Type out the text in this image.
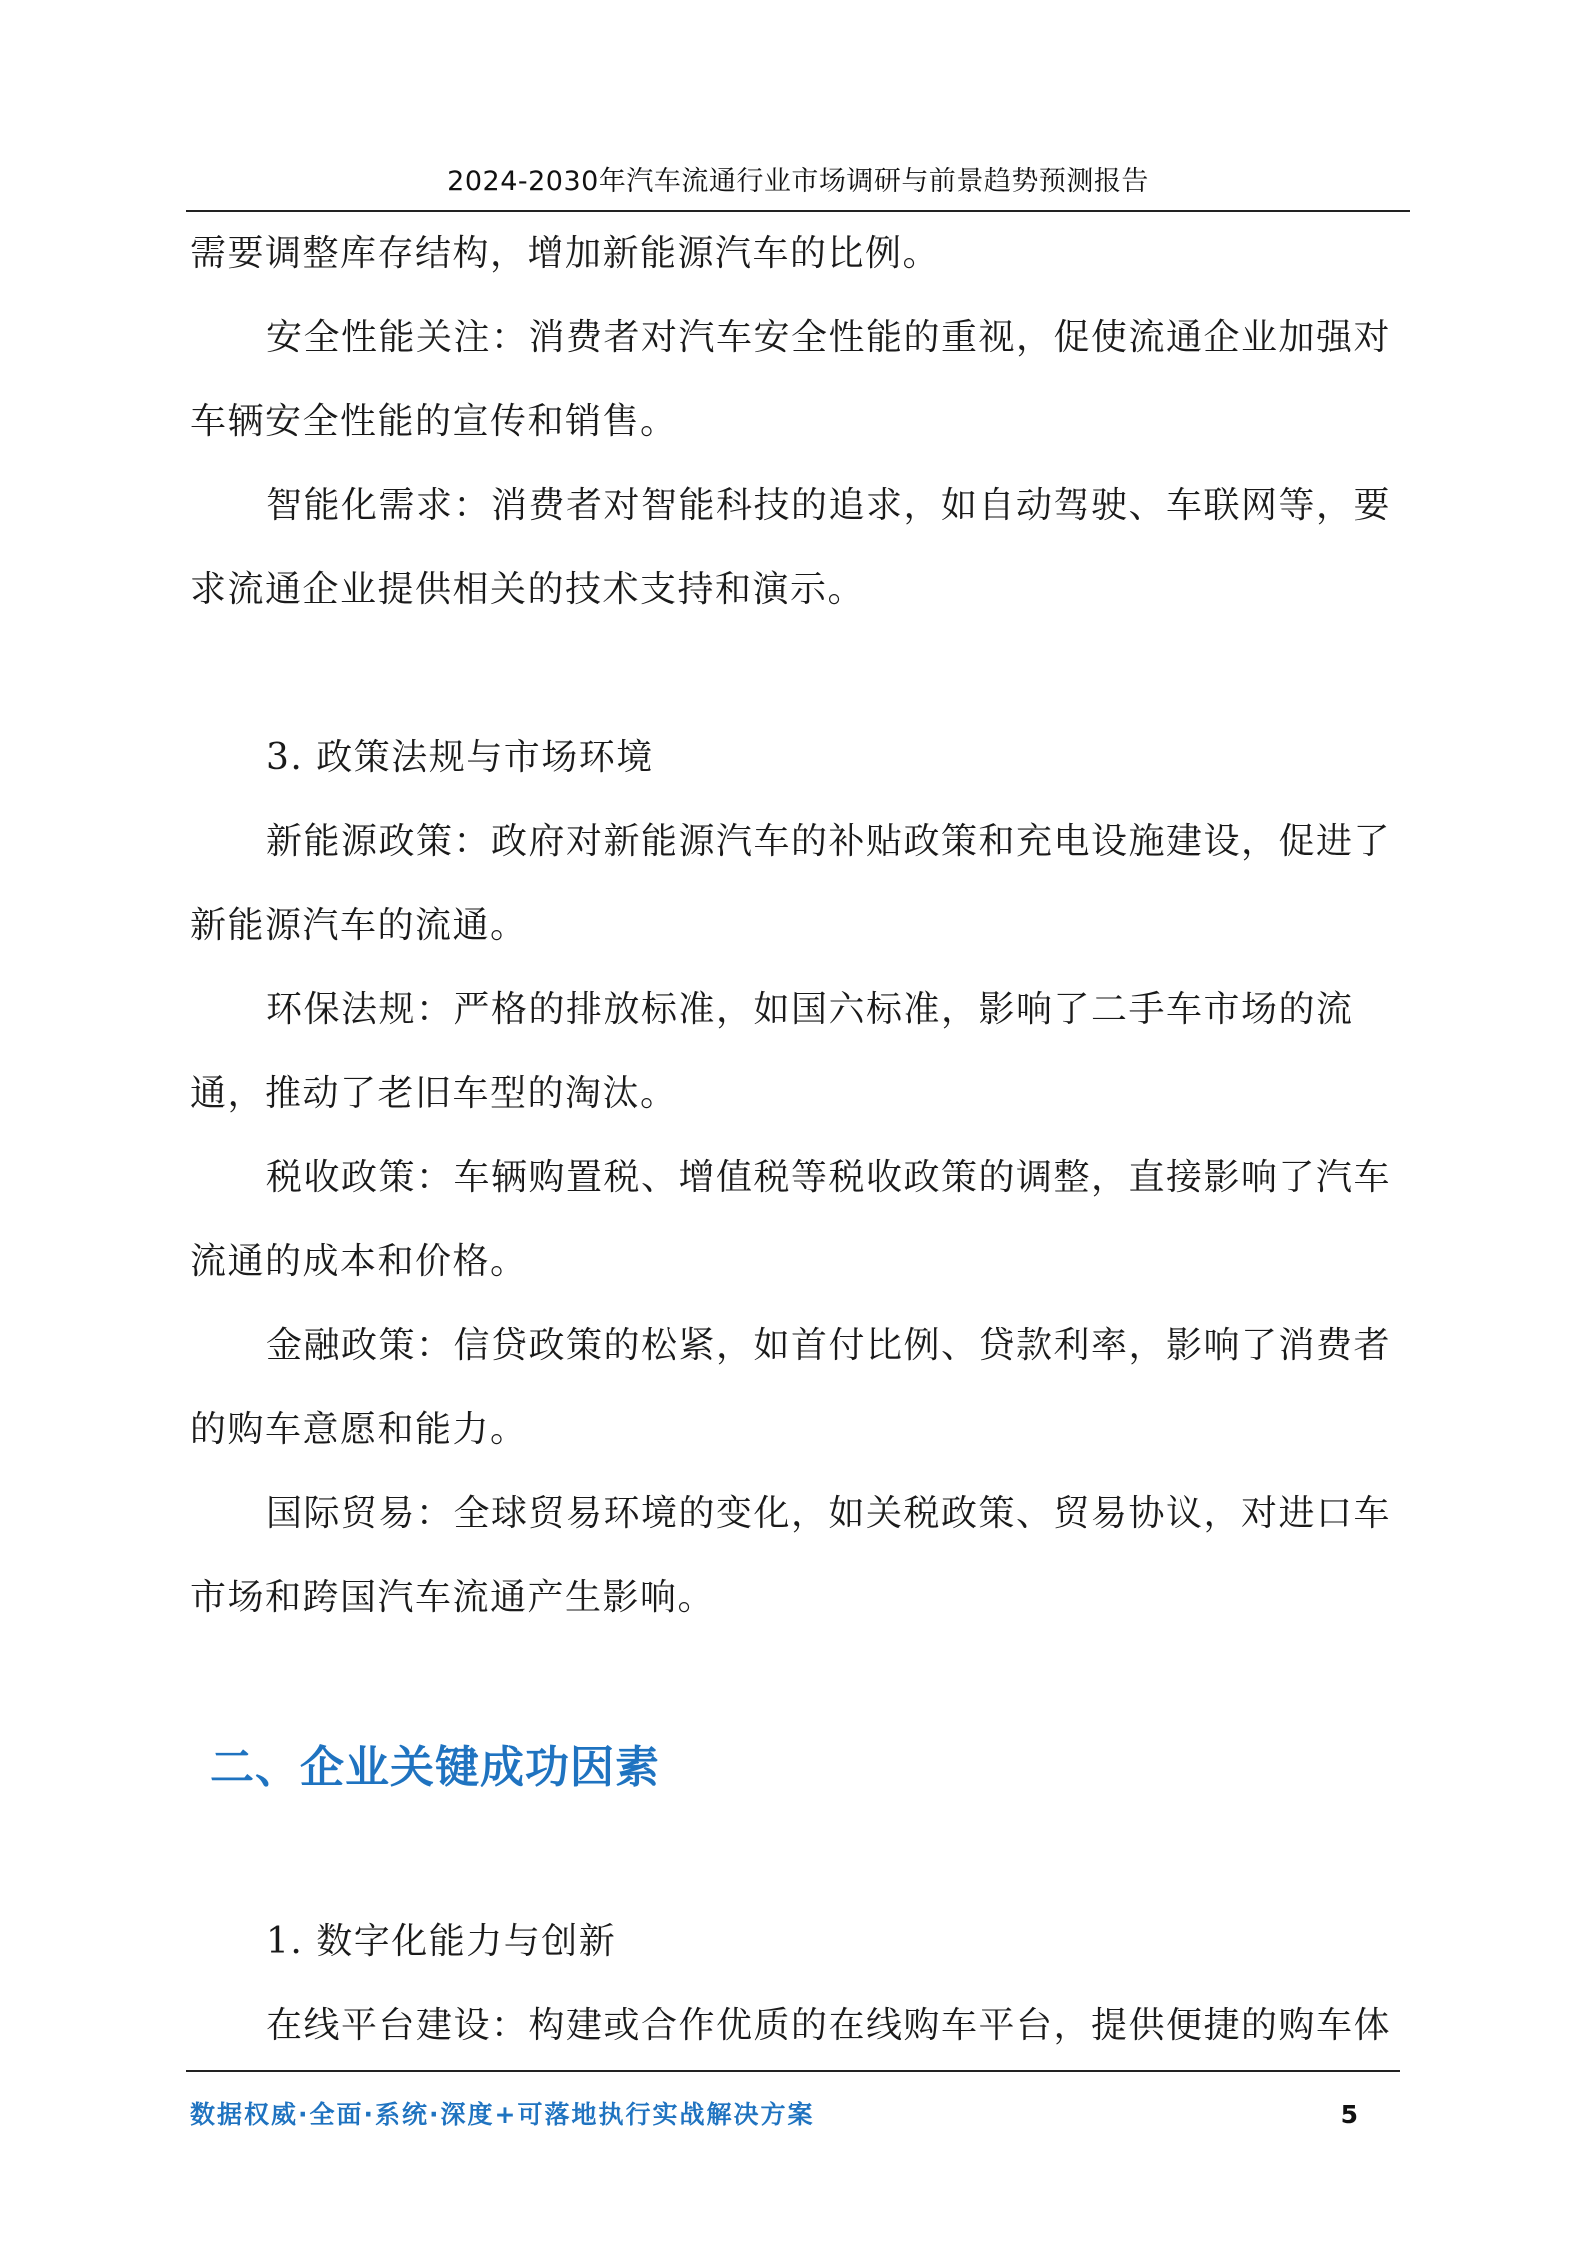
2024-2030年汽车流通行业市场调研与前景趋势预测报告
需要调整库存结构，增加新能源汽车的比例。
安全性能关注：消费者对汽车安全性能的重视，促使流通企业加强对
车辆安全性能的宣传和销售。
智能化需求：消费者对智能科技的追求，如自动驾驶、车联网等，要
求流通企业提供相关的技术支持和演示。
3. 政策法规与市场环境
新能源政策：政府对新能源汽车的补贴政策和充电设施建设，促进了
新能源汽车的流通。
环保法规：严格的排放标准，如国六标准，影响了二手车市场的流
通，推动了老旧车型的淘汰。
税收政策：车辆购置税、增值税等税收政策的调整，直接影响了汽车
流通的成本和价格。
金融政策：信贷政策的松紧，如首付比例、贷款利率，影响了消费者
的购车意愿和能力。
国际贸易：全球贸易环境的变化，如关税政策、贸易协议，对进口车
市场和跨国汽车流通产生影响。
二、企业关键成功因素
1. 数字化能力与创新
在线平台建设：构建或合作优质的在线购车平台，提供便捷的购车体
数据权威·全面·系统·深度+可落地执行实战解决方案	5
